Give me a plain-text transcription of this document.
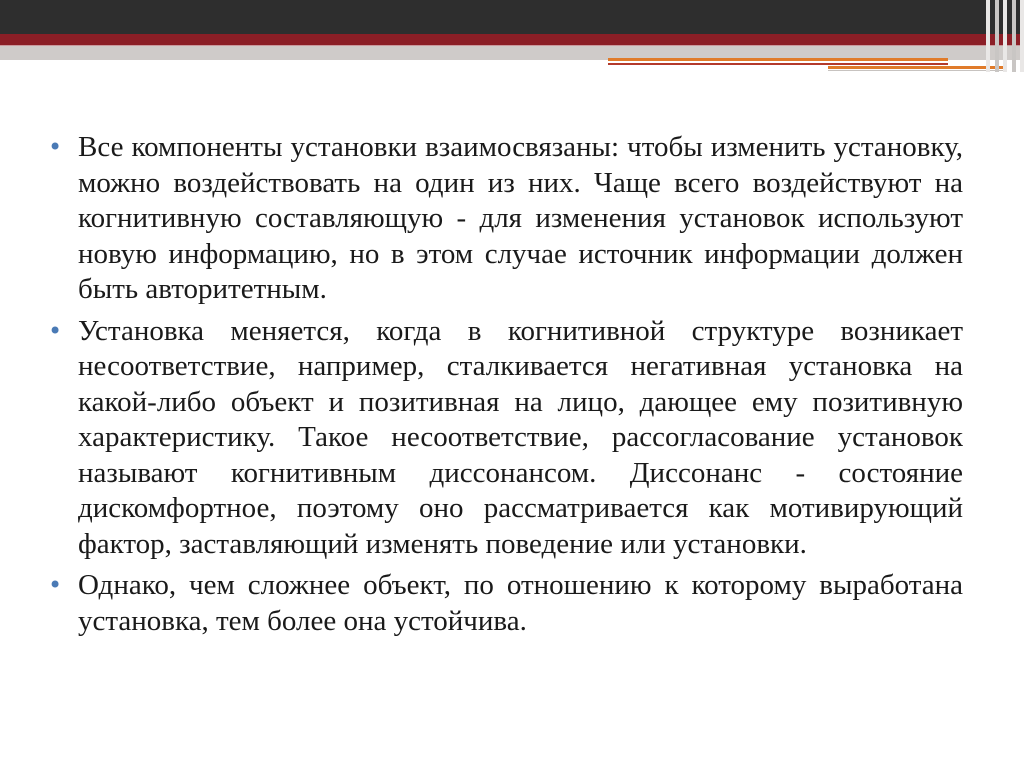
• Все компоненты установки взаимосвязаны: чтобы изменить установку, можно воздействовать на один из них. Чаще всего воздействуют на когнитивную составляющую - для изменения установок используют новую информацию, но в этом случае источник информации должен быть авторитетным.
• Установка меняется, когда в когнитивной структуре возникает несоответствие, например, сталкивается негативная установка на какой-либо объект и позитивная на лицо, дающее ему позитивную характеристику. Такое несоответствие, рассогласование установок называют когнитивным диссонансом. Диссонанс - состояние дискомфортное, поэтому оно рассматривается как мотивирующий фактор, заставляющий изменять поведение или установки.
• Однако, чем сложнее объект, по отношению к которому выработана установка, тем более она устойчива.
